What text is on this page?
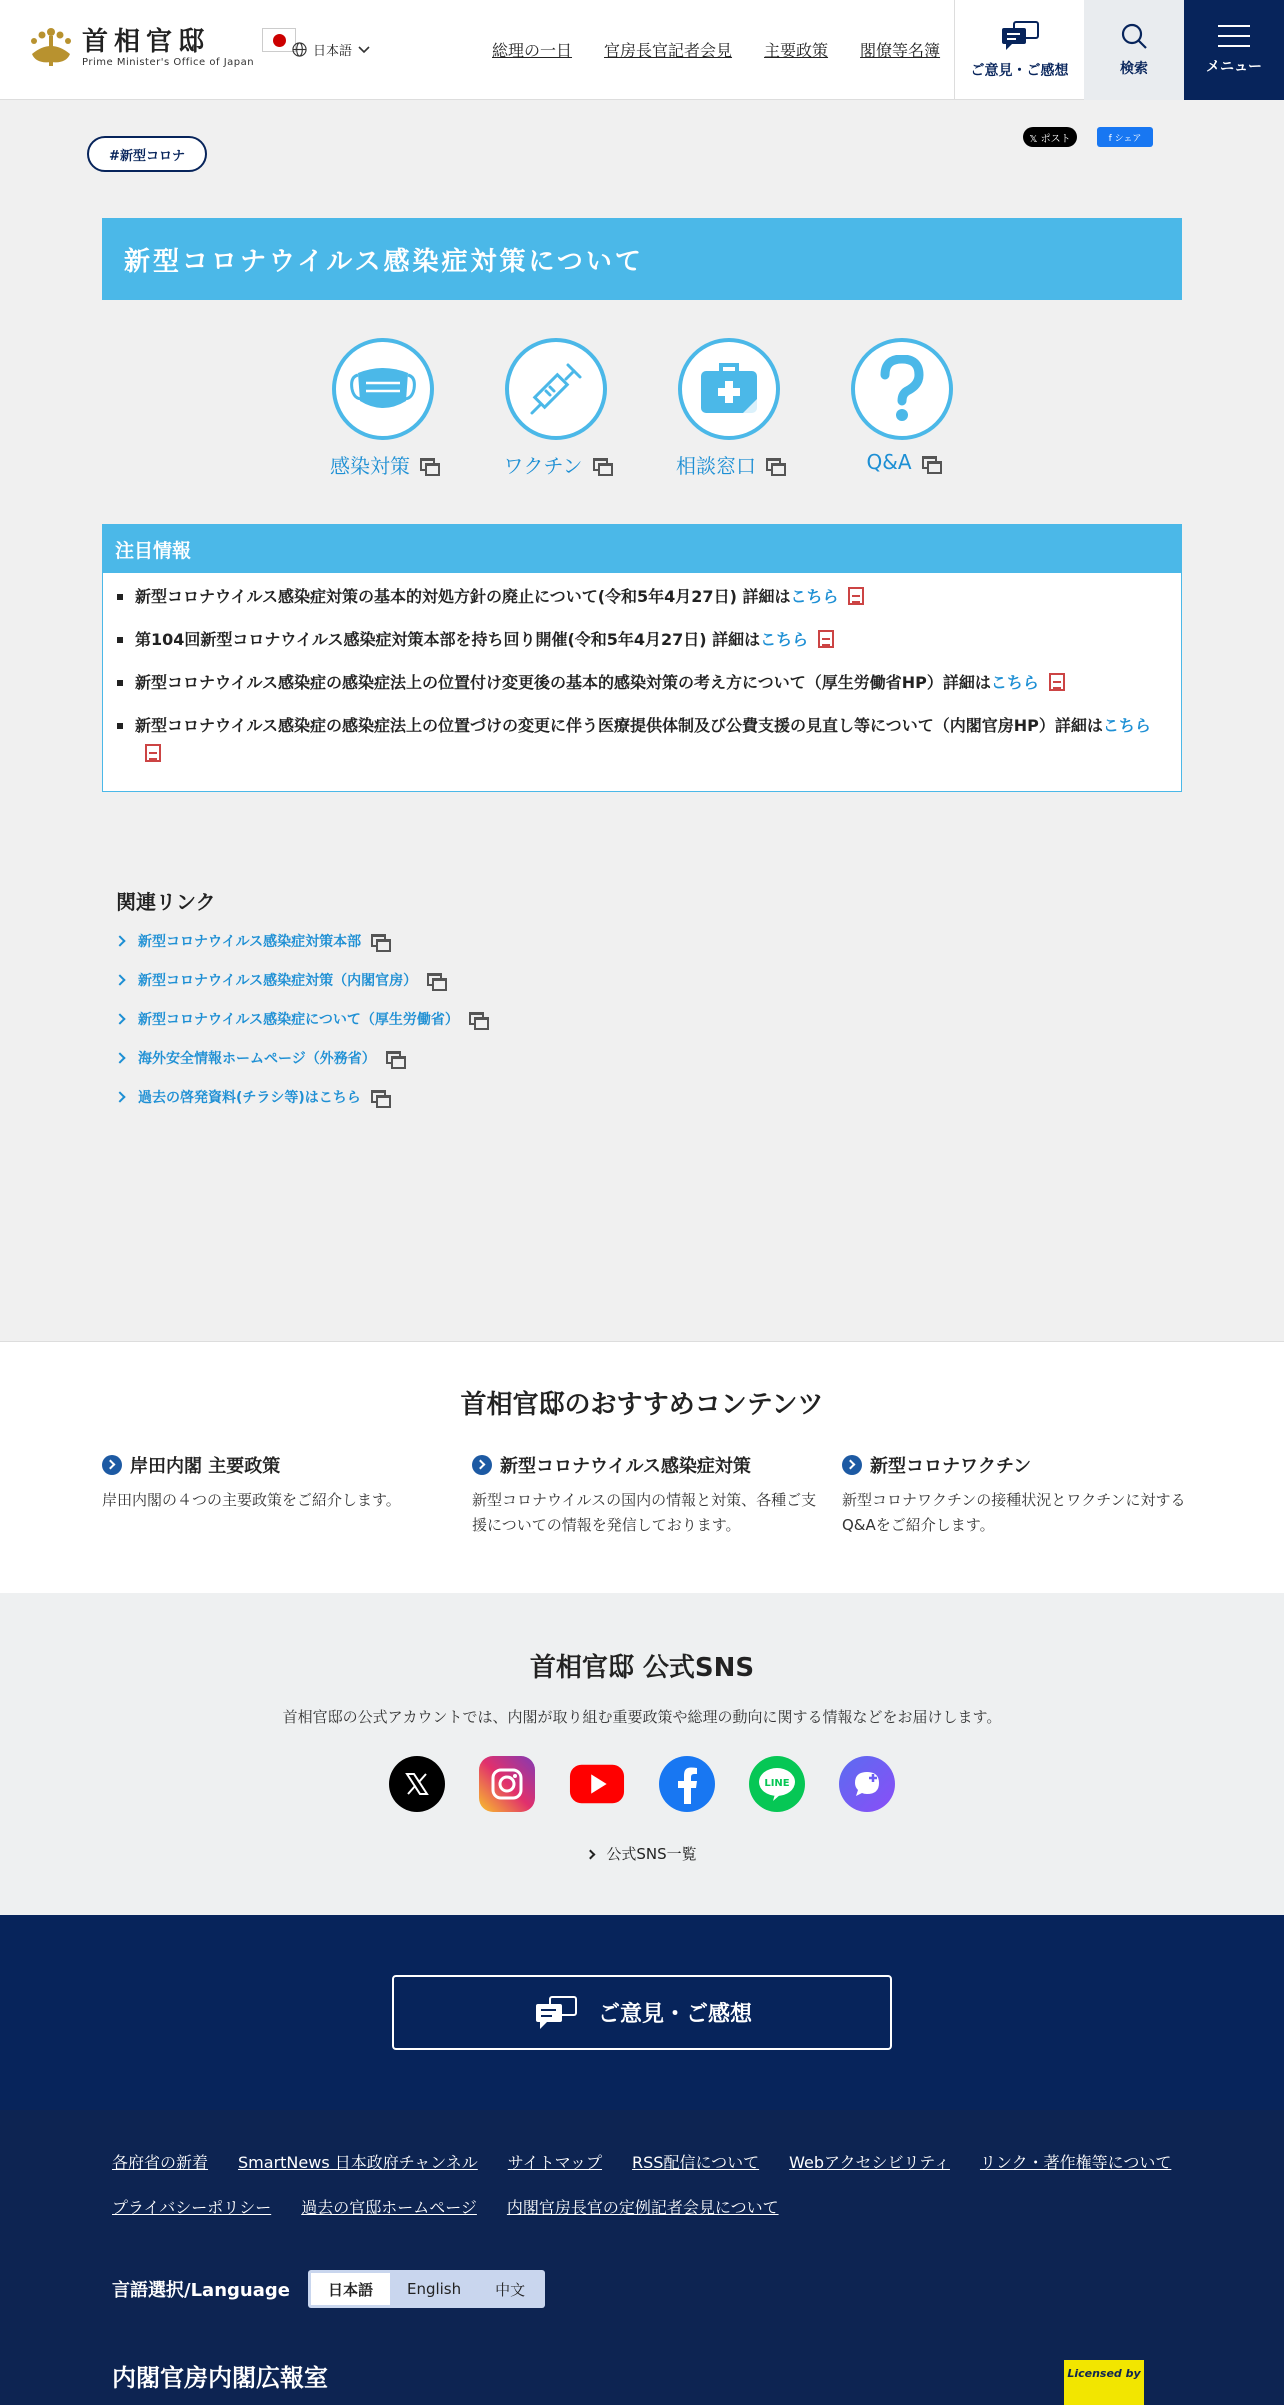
首相官邸
Prime Minister's Office of Japan
日本語	総理の一日 官房長官記者会見 主要政策 閣僚等名簿
ご意見・ご感想	検索	メニュー
#新型コロナ
𝕏 ポスト	f シェア
新型コロナウイルス感染症対策について
感染対策	ワクチン	相談窓口	Q&A
注目情報
新型コロナウイルス感染症対策の基本的対処方針の廃止について(令和5年4月27日) 詳細はこちら
第104回新型コロナウイルス感染症対策本部を持ち回り開催(令和5年4月27日) 詳細はこちら
新型コロナウイルス感染症の感染症法上の位置付け変更後の基本的感染対策の考え方について（厚生労働省HP）詳細はこちら
新型コロナウイルス感染症の感染症法上の位置づけの変更に伴う医療提供体制及び公費支援の見直し等について（内閣官房HP）詳細はこちら
関連リンク
新型コロナウイルス感染症対策本部
新型コロナウイルス感染症対策（内閣官房）
新型コロナウイルス感染症について（厚生労働省）
海外安全情報ホームページ（外務省）
過去の啓発資料(チラシ等)はこちら
首相官邸のおすすめコンテンツ
岸田内閣 主要政策

岸田内閣の４つの主要政策をご紹介します。

新型コロナウイルス感染症対策

新型コロナウイルスの国内の情報と対策、各種ご支援についての情報を発信しております。

新型コロナワクチン

新型コロナワクチンの接種状況とワクチンに対するQ&Aをご紹介します。

首相官邸 公式SNS

首相官邸の公式アカウントでは、内閣が取り組む重要政策や総理の動向に関する情報などをお届けします。

LINE
公式SNS一覧
ご意見・ご感想
各府省の新着 SmartNews 日本政府チャンネル サイトマップ RSS配信について Webアクセシビリティ リンク・著作権等について
プライバシーポリシー 過去の官邸ホームページ 内閣官房長官の定例記者会見について
言語選択/Language	日本語	English	中文
内閣官房内閣広報室	Licensed by
